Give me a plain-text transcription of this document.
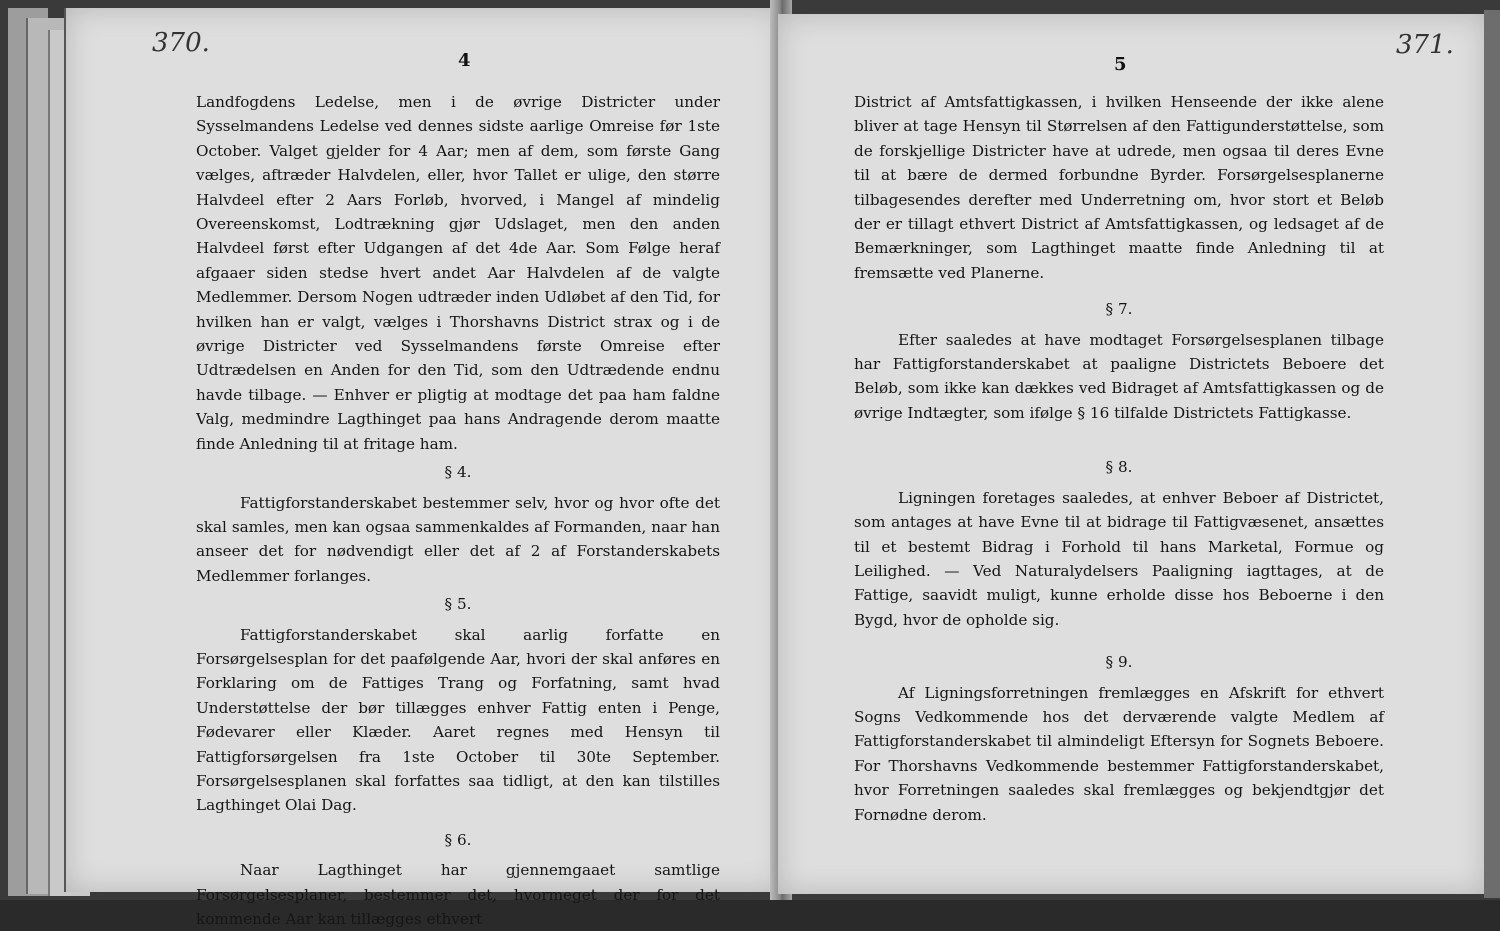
370.
4

Landfogdens Ledelse, men i de øvrige Districter under Sysselmandens Ledelse ved dennes sidste aarlige Omreise før 1ste October. Valget gjelder for 4 Aar; men af dem, som første Gang vælges, aftræder Halvdelen, eller, hvor Tallet er ulige, den større Halvdeel efter 2 Aars Forløb, hvorved, i Mangel af mindelig Overeenskomst, Lodtrækning gjør Udslaget, men den anden Halvdeel først efter Udgangen af det 4de Aar. Som Følge heraf afgaaer siden stedse hvert andet Aar Halvdelen af de valgte Medlemmer. Dersom Nogen udtræder inden Udløbet af den Tid, for hvilken han er valgt, vælges i Thorshavns District strax og i de øvrige Districter ved Sysselmandens første Omreise efter Udtrædelsen en Anden for den Tid, som den Udtrædende endnu havde tilbage. — Enhver er pligtig at modtage det paa ham faldne Valg, medmindre Lagthinget paa hans Andragende derom maatte finde Anledning til at fritage ham.

§ 4.

Fattigforstanderskabet bestemmer selv, hvor og hvor ofte det skal samles, men kan ogsaa sammenkaldes af Formanden, naar han anseer det for nødvendigt eller det af 2 af Forstanderskabets Medlemmer forlanges.

§ 5.

Fattigforstanderskabet skal aarlig forfatte en Forsørgelsesplan for det paafølgende Aar, hvori der skal anføres en Forklaring om de Fattiges Trang og Forfatning, samt hvad Understøttelse der bør tillægges enhver Fattig enten i Penge, Fødevarer eller Klæder. Aaret regnes med Hensyn til Fattigforsørgelsen fra 1ste October til 30te September. Forsørgelsesplanen skal forfattes saa tidligt, at den kan tilstilles Lagthinget Olai Dag.

§ 6.

Naar Lagthinget har gjennemgaaet samtlige Forsørgelsesplaner, bestemmer det, hvormeget der for det kommende Aar kan tillægges ethvert

371.
5

District af Amtsfattigkassen, i hvilken Henseende der ikke alene bliver at tage Hensyn til Størrelsen af den Fattigunderstøttelse, som de forskjellige Districter have at udrede, men ogsaa til deres Evne til at bære de dermed forbundne Byrder. Forsørgelsesplanerne tilbagesendes derefter med Underretning om, hvor stort et Beløb der er tillagt ethvert District af Amtsfattigkassen, og ledsaget af de Bemærkninger, som Lagthinget maatte finde Anledning til at fremsætte ved Planerne.

§ 7.

Efter saaledes at have modtaget Forsørgelsesplanen tilbage har Fattigforstanderskabet at paaligne Districtets Beboere det Beløb, som ikke kan dækkes ved Bidraget af Amtsfattigkassen og de øvrige Indtægter, som ifølge § 16 tilfalde Districtets Fattigkasse.

§ 8.

Ligningen foretages saaledes, at enhver Beboer af Districtet, som antages at have Evne til at bidrage til Fattigvæsenet, ansættes til et bestemt Bidrag i Forhold til hans Marketal, Formue og Leilighed. — Ved Naturalydelsers Paaligning iagttages, at de Fattige, saavidt muligt, kunne erholde disse hos Beboerne i den Bygd, hvor de opholde sig.

§ 9.

Af Ligningsforretningen fremlægges en Afskrift for ethvert Sogns Vedkommende hos det derværende valgte Medlem af Fattigforstanderskabet til almindeligt Eftersyn for Sognets Beboere. For Thorshavns Vedkommende bestemmer Fattigforstanderskabet, hvor Forretningen saaledes skal fremlægges og bekjendtgjør det Fornødne derom.
